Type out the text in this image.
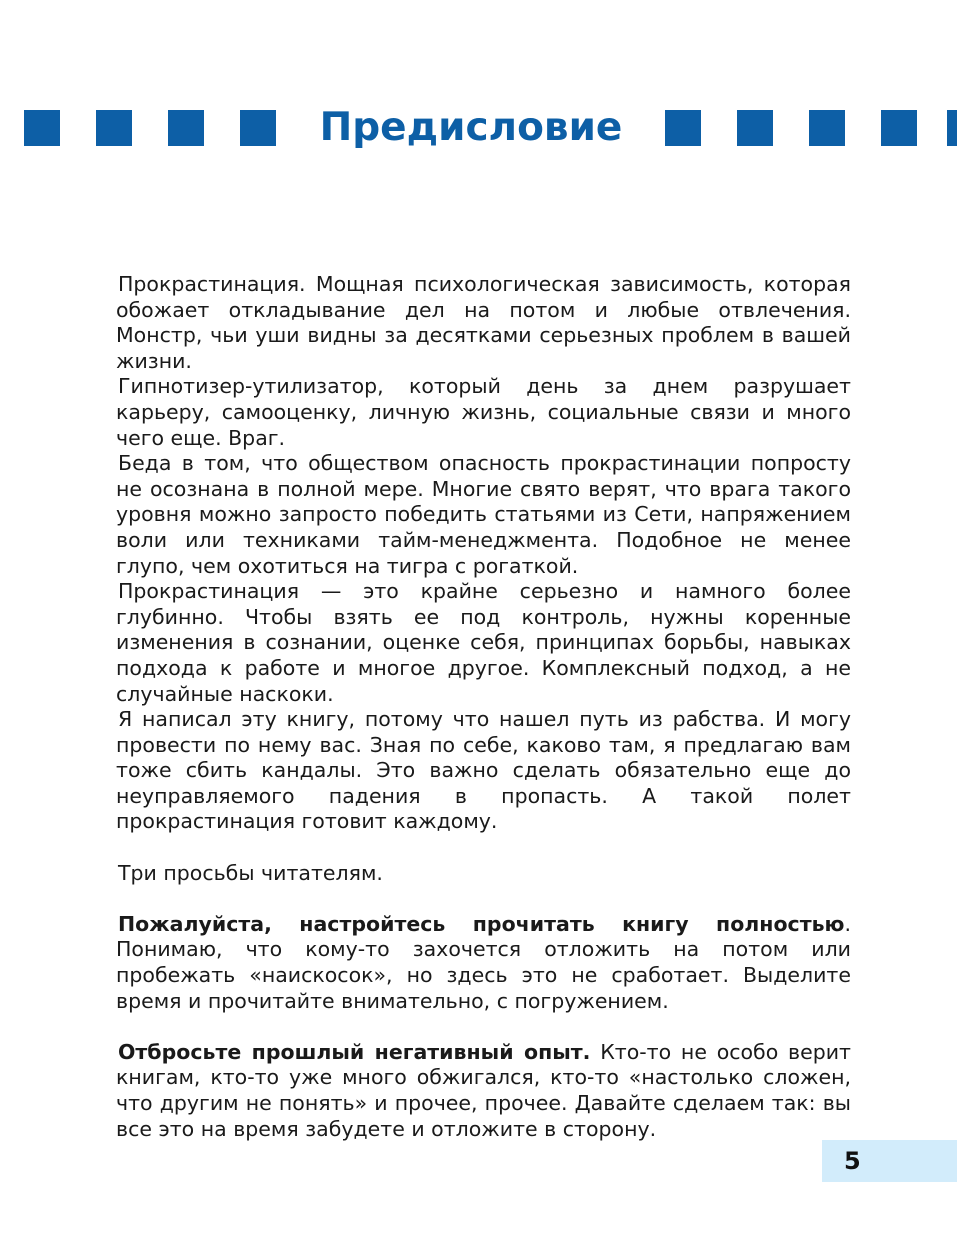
Предисловие

Прокрастинация. Мощная психологическая зависимость, которая обожает откладывание дел на потом и любые отвлечения. Монстр, чьи уши видны за десятками серьезных проблем в вашей жизни.

Гипнотизер-утилизатор, который день за днем разрушает карьеру, самооценку, личную жизнь, социальные связи и много чего еще. Враг.

Беда в том, что обществом опасность прокрастинации попросту не осознана в полной мере. Многие свято верят, что врага такого уровня можно запросто победить статьями из Сети, напряжением воли или техниками тайм-менеджмента. Подобное не менее глупо, чем охотиться на тигра с рогаткой.

Прокрастинация — это крайне серьезно и намного более глубинно. Чтобы взять ее под контроль, нужны коренные изменения в сознании, оценке себя, принципах борьбы, навыках подхода к работе и многое другое. Комплексный подход, а не случайные наскоки.

Я написал эту книгу, потому что нашел путь из рабства. И могу провести по нему вас. Зная по себе, каково там, я предлагаю вам тоже сбить кандалы. Это важно сделать обязательно еще до неуправляемого падения в пропасть. А такой полет прокрастинация готовит каждому.

Три просьбы читателям.

Пожалуйста, настройтесь прочитать книгу полностью. Понимаю, что кому-то захочется отложить на потом или пробежать «наискосок», но здесь это не сработает. Выделите время и прочитайте внимательно, с погружением.

Отбросьте прошлый негативный опыт. Кто-то не особо верит книгам, кто-то уже много обжигался, кто-то «настолько сложен, что другим не понять» и прочее, прочее. Давайте сделаем так: вы все это на время забудете и отложите в сторону.

5
